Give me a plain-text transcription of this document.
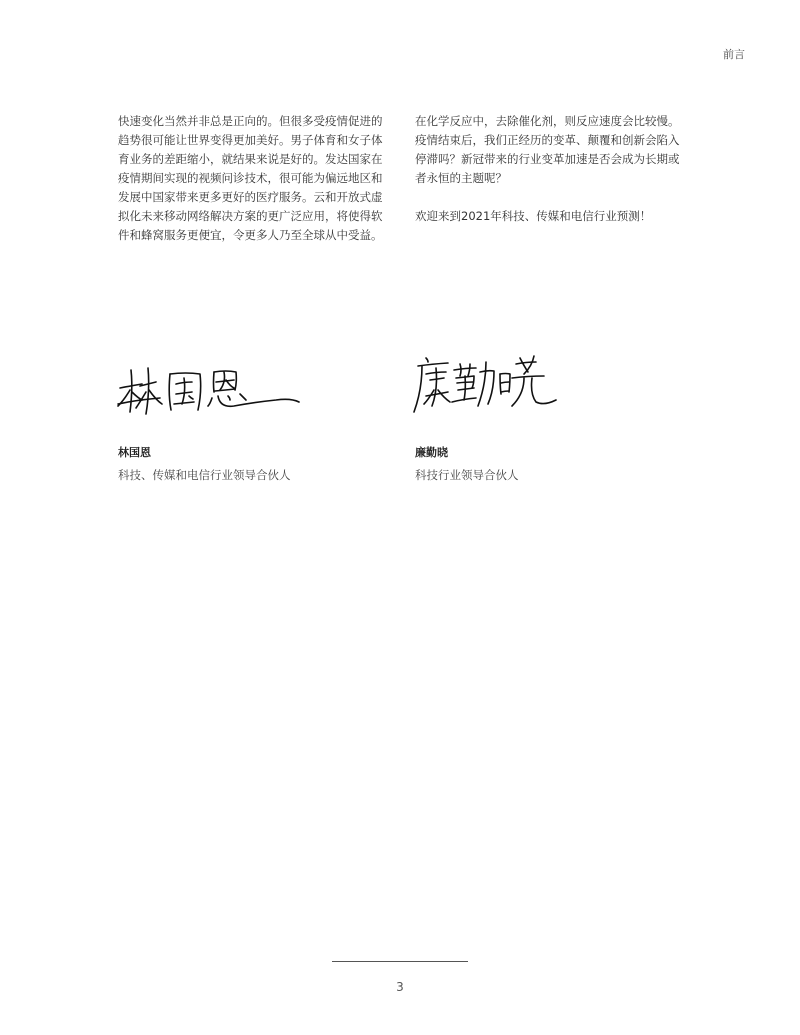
前言

快速变化当然并非总是正向的。但很多受疫情促进的趋势很可能让世界变得更加美好。男子体育和女子体育业务的差距缩小，就结果来说是好的。发达国家在疫情期间实现的视频问诊技术，很可能为偏远地区和发展中国家带来更多更好的医疗服务。云和开放式虚拟化未来移动网络解决方案的更广泛应用，将使得软件和蜂窝服务更便宜，令更多人乃至全球从中受益。

在化学反应中，去除催化剂，则反应速度会比较慢。疫情结束后，我们正经历的变革、颠覆和创新会陷入停滞吗？新冠带来的行业变革加速是否会成为长期或者永恒的主题呢？

欢迎来到2021年科技、传媒和电信行业预测！

林国恩
科技、传媒和电信行业领导合伙人
廉勤晓
科技行业领导合伙人
3
